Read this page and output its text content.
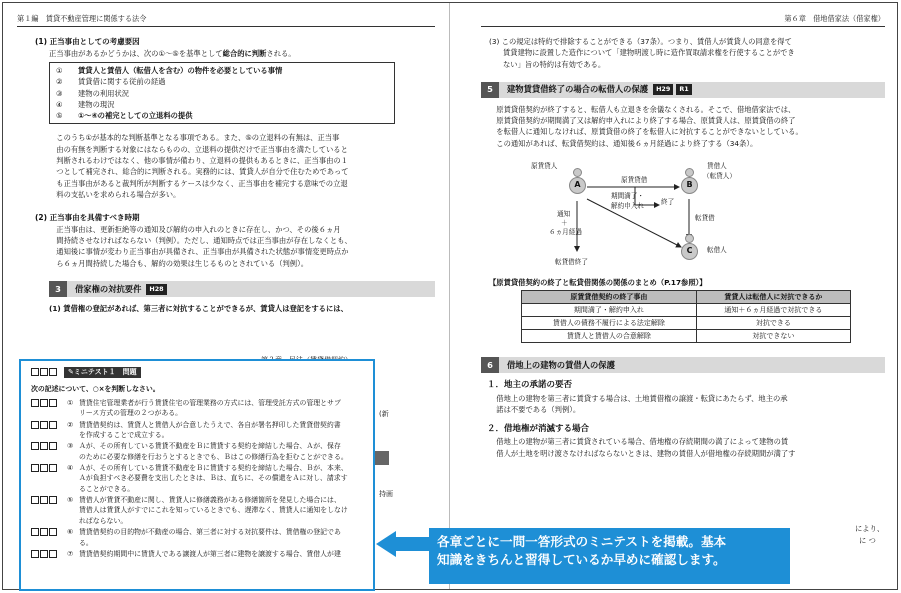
第１編　賃貸不動産管理に関係する法令
(1) 正当事由としての考慮要因
正当事由があるかどうかは、次の①〜⑤を基準として総合的に判断される。
①	賃貸人と賃借人（転借人を含む）の物件を必要としている事情
②	賃貸借に関する従前の経過
③	建物の利用状況
④	建物の現況
⑤	①〜④の補完としての立退料の提供
このうち①が基本的な判断基準となる事項である。また、⑤の立退料の有無は、正当事
由の有無を判断する対象にはならものの、立退料の提供だけで正当事由を満たしていると
判断されるわけではなく、他の事情が備わり、立退料の提供もあるときに、正当事由の１
つとして補完され、総合的に判断される。実務的には、賃貸人が自分で住むためであって
も正当事由があると裁判所が判断するケースは少なく、正当事由を補完する意味での立退
料の支払いを求められる場合が多い。
(2) 正当事由を具備すべき時期
正当事由は、更新拒絶等の通知及び解約の申入れのときに存在し、かつ、その後６ヵ月
間持続させなければならない（判例）。ただし、通知時点では正当事由が存在しなくとも、
通知後に事情が変わり正当事由が具備され、正当事由が具備された状態が事情変更時点か
ら６ヵ月間持続した場合も、解約の効果は生じるものとされている（判例）。
3	借家権の対抗要件	H28
(1) 賃借権の登記があれば、第三者に対抗することができるが、賃貸人は登記をするには、
(新
持画
第６章　借地借家法（借家権）
(3) この規定は特約で排除することができる（37条）。つまり、賃借人が賃貸人の同意を得て
賃貸建物に設置した造作について「建物明渡し時に造作買取請求権を行使することができ
ない」旨の特約は有効である。
5	建物賃貸借終了の場合の転借人の保護	H29	R1
原賃貸借契約が終了すると、転借人も立退きを余儀なくされる。そこで、借地借家法では、
原賃貸借契約が期間満了又は解約申入れにより終了する場合、原賃貸人は、原賃貸借の終了
を転借人に通知しなければ、原賃貸借の終了を転借人に対抗することができないとしている。
この通知があれば、転貸借契約は、通知後６ヵ月経過により終了する（34条）。
A	B
C
原賃貸人	賃借人
（転貸人）
転借人
原賃貸借
期間満了・
解約申入れ	終了
通知
＋
６ヵ月経過
転貸借
転貸借終了
【原賃貸借契約の終了と転貸借関係の関係のまとめ（P.17参照）】
原賃貸借契約の終了事由	賃貸人は転借人に対抗できるか
期間満了・解約申入れ	通知＋６ヵ月経過で対抗できる
賃借人の債務不履行による法定解除	対抗できる
賃貸人と賃借人の合意解除	対抗できない
6	借地上の建物の賃借人の保護
１．地主の承諾の要否
借地上の建物を第三者に賃貸する場合は、土地賃借権の譲渡・転貸にあたらず、地主の承
諾は不要である（判例）。
２．借地権が消滅する場合
借地上の建物が第三者に賃貸されている場合、借地権の存続期間の満了によって建物の賃
借人が土地を明け渡さなければならないときは、建物の賃借人が借地権の存続期間が満了す
により、
に つ
✎ミニテスト１　問題
次の記述について、○×を判断しなさい。
① 賃貸住宅管理業者が行う賃貸住宅の管理業務の方式には、管理受託方式の管理とサブ
リース方式の管理の２つがある。
② 賃貸借契約は、賃貸人と賃借人が合意したうえで、各自が署名押印した賃貸借契約書
を作成することで成立する。
③ Ａが、その所有している賃貸不動産をＢに賃貸する契約を締結した場合、Ａが、保存
のために必要な修繕を行おうとするときでも、Ｂはこの修繕行為を拒むことができる。
④ Ａが、その所有している賃貸不動産をＢに賃貸する契約を締結した場合、Ｂが、本来、
Ａが負担すべき必要費を支出したときは、Ｂは、直ちに、その償還をＡに対し、請求す
ることができる。
⑤ 賃借人が賃貸不動産に関し、賃貸人に修繕義務がある修繕箇所を発見した場合には、
賃借人は賃貸人がすでにこれを知っているときでも、遅滞なく、賃貸人に通知をしなけ
ればならない。
⑥ 賃貸借契約の目的物が不動産の場合、第三者に対する対抗要件は、賃借権の登記であ
る。
⑦ 賃貸借契約期間中に賃貸人である譲渡人が第三者に建物を譲渡する場合、賃借人が建
各章ごとに一問一答形式のミニテストを掲載。基本
知識をきちんと習得しているか早めに確認します。
